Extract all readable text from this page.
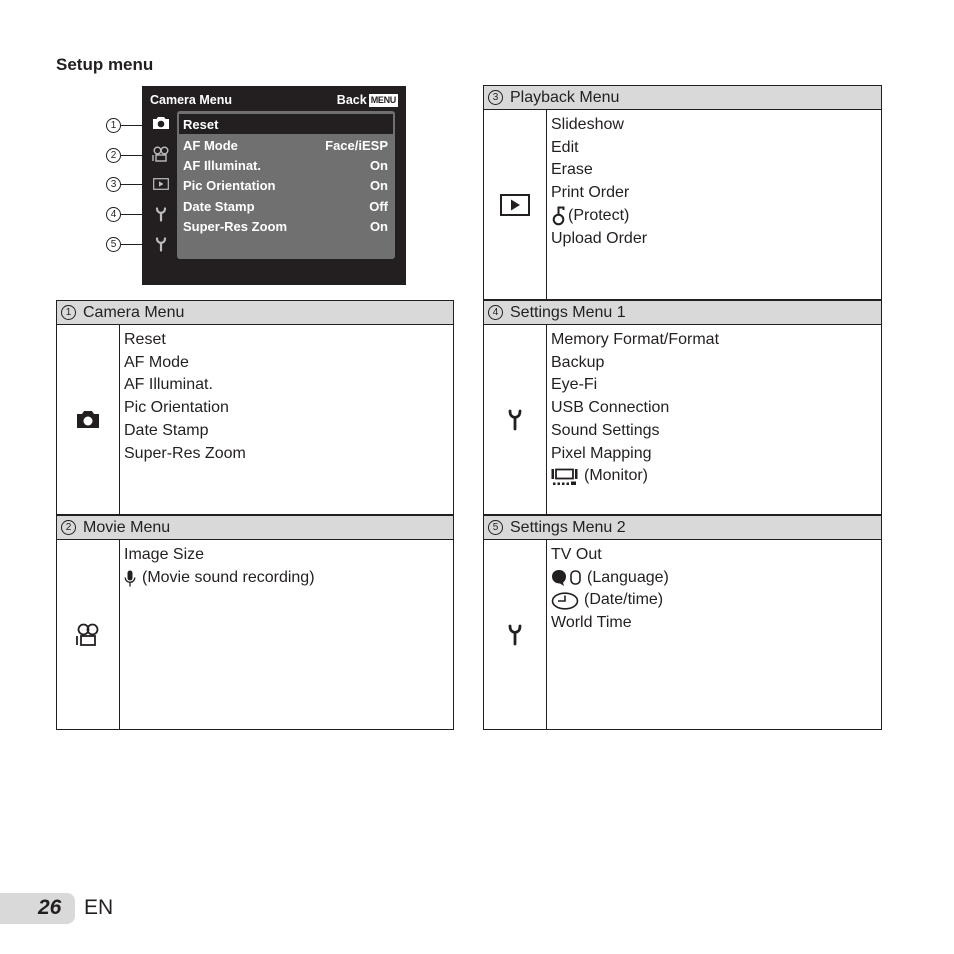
Setup menu
Camera Menu	Back MENU
Reset
AF Mode	Face/iESP
AF Illuminat.	On
Pic Orientation	On
Date Stamp	Off
Super-Res Zoom	On
1
2
3
4
5
1 Camera Menu
Reset
AF Mode
AF Illuminat.
Pic Orientation
Date Stamp
Super-Res Zoom
2 Movie Menu
Image Size
(Movie sound recording)
3 Playback Menu
Slideshow
Edit
Erase
Print Order
(Protect)
Upload Order
4 Settings Menu 1
Memory Format/Format
Backup
Eye-Fi
USB Connection
Sound Settings
Pixel Mapping
(Monitor)
5 Settings Menu 2
TV Out
(Language)
(Date/time)
World Time
26 EN
